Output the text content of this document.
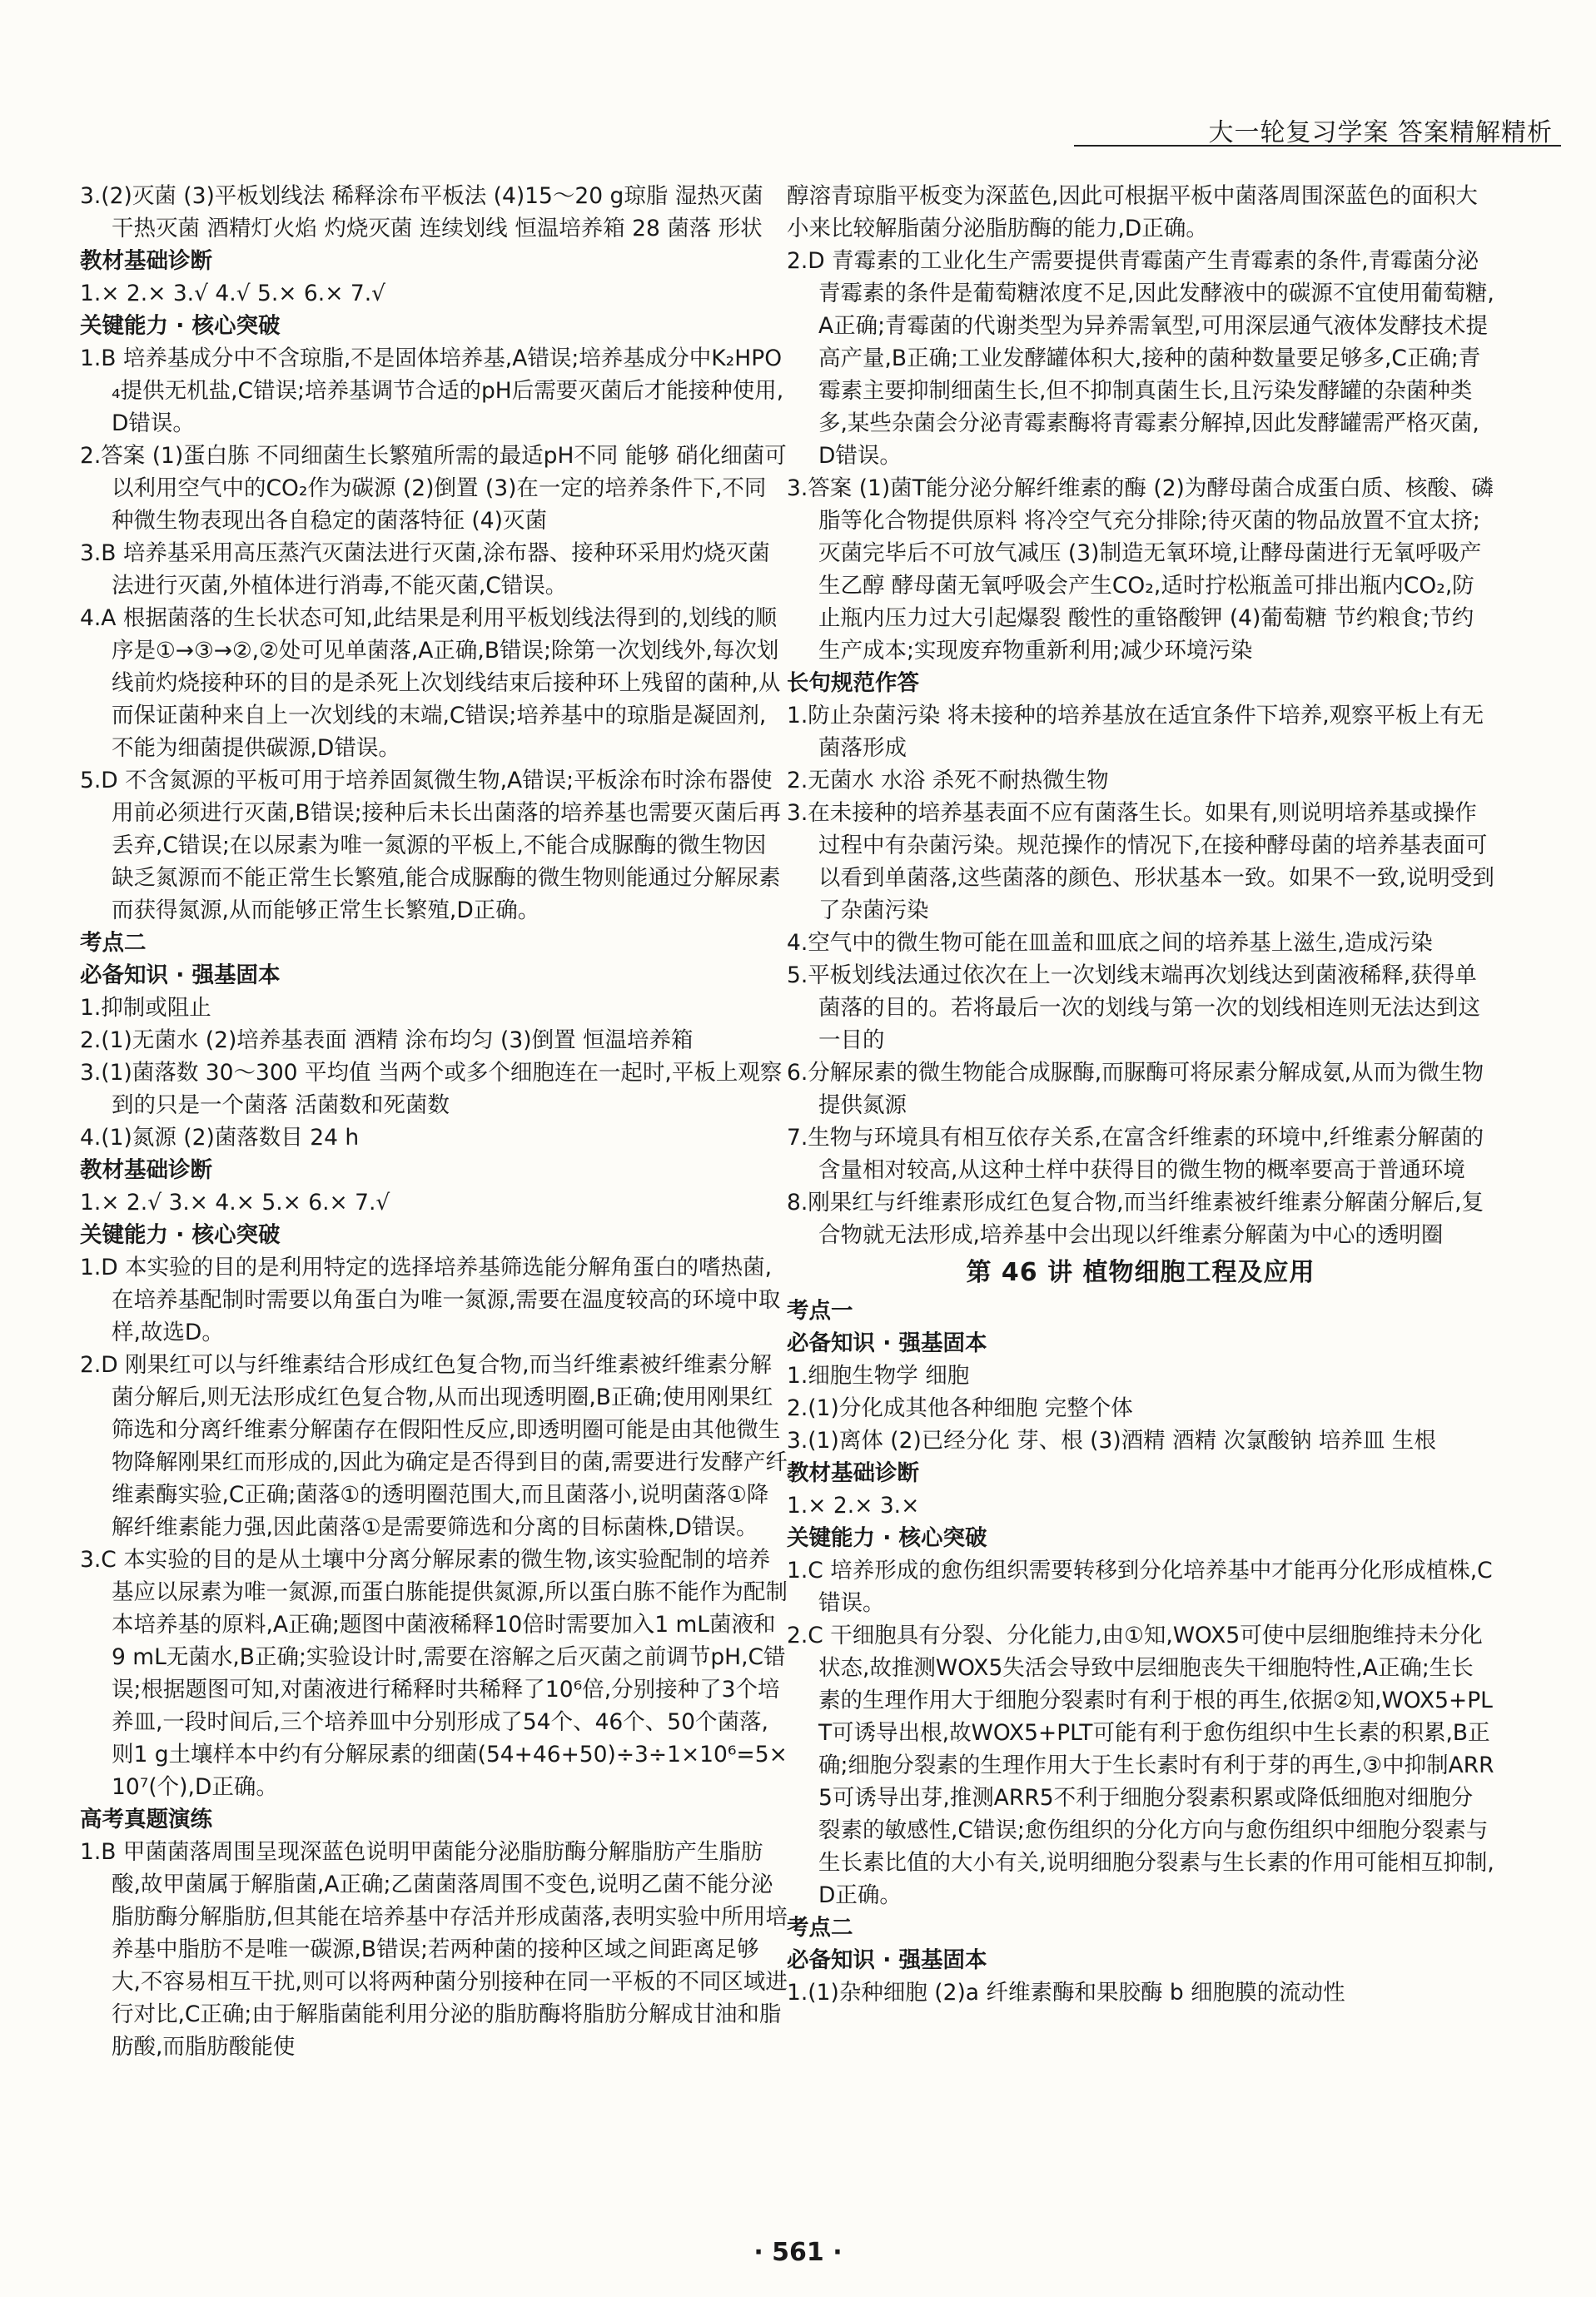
大一轮复习学案 答案精解精析

3.(2)灭菌 (3)平板划线法 稀释涂布平板法 (4)15～20 g琼脂 湿热灭菌 干热灭菌 酒精灯火焰 灼烧灭菌 连续划线 恒温培养箱 28 菌落 形状

教材基础诊断

1.× 2.× 3.√ 4.√ 5.× 6.× 7.√

关键能力 · 核心突破

1.B 培养基成分中不含琼脂,不是固体培养基,A错误;培养基成分中K₂HPO₄提供无机盐,C错误;培养基调节合适的pH后需要灭菌后才能接种使用,D错误。

2.答案 (1)蛋白胨 不同细菌生长繁殖所需的最适pH不同 能够 硝化细菌可以利用空气中的CO₂作为碳源 (2)倒置 (3)在一定的培养条件下,不同种微生物表现出各自稳定的菌落特征 (4)灭菌

3.B 培养基采用高压蒸汽灭菌法进行灭菌,涂布器、接种环采用灼烧灭菌法进行灭菌,外植体进行消毒,不能灭菌,C错误。

4.A 根据菌落的生长状态可知,此结果是利用平板划线法得到的,划线的顺序是①→③→②,②处可见单菌落,A正确,B错误;除第一次划线外,每次划线前灼烧接种环的目的是杀死上次划线结束后接种环上残留的菌种,从而保证菌种来自上一次划线的末端,C错误;培养基中的琼脂是凝固剂,不能为细菌提供碳源,D错误。

5.D 不含氮源的平板可用于培养固氮微生物,A错误;平板涂布时涂布器使用前必须进行灭菌,B错误;接种后未长出菌落的培养基也需要灭菌后再丢弃,C错误;在以尿素为唯一氮源的平板上,不能合成脲酶的微生物因缺乏氮源而不能正常生长繁殖,能合成脲酶的微生物则能通过分解尿素而获得氮源,从而能够正常生长繁殖,D正确。

考点二

必备知识 · 强基固本

1.抑制或阻止

2.(1)无菌水 (2)培养基表面 酒精 涂布均匀 (3)倒置 恒温培养箱

3.(1)菌落数 30～300 平均值 当两个或多个细胞连在一起时,平板上观察到的只是一个菌落 活菌数和死菌数

4.(1)氮源 (2)菌落数目 24 h

教材基础诊断

1.× 2.√ 3.× 4.× 5.× 6.× 7.√

关键能力 · 核心突破

1.D 本实验的目的是利用特定的选择培养基筛选能分解角蛋白的嗜热菌,在培养基配制时需要以角蛋白为唯一氮源,需要在温度较高的环境中取样,故选D。

2.D 刚果红可以与纤维素结合形成红色复合物,而当纤维素被纤维素分解菌分解后,则无法形成红色复合物,从而出现透明圈,B正确;使用刚果红筛选和分离纤维素分解菌存在假阳性反应,即透明圈可能是由其他微生物降解刚果红而形成的,因此为确定是否得到目的菌,需要进行发酵产纤维素酶实验,C正确;菌落①的透明圈范围大,而且菌落小,说明菌落①降解纤维素能力强,因此菌落①是需要筛选和分离的目标菌株,D错误。

3.C 本实验的目的是从土壤中分离分解尿素的微生物,该实验配制的培养基应以尿素为唯一氮源,而蛋白胨能提供氮源,所以蛋白胨不能作为配制本培养基的原料,A正确;题图中菌液稀释10倍时需要加入1 mL菌液和9 mL无菌水,B正确;实验设计时,需要在溶解之后灭菌之前调节pH,C错误;根据题图可知,对菌液进行稀释时共稀释了10⁶倍,分别接种了3个培养皿,一段时间后,三个培养皿中分别形成了54个、46个、50个菌落,则1 g土壤样本中约有分解尿素的细菌(54+46+50)÷3÷1×10⁶=5×10⁷(个),D正确。

高考真题演练

1.B 甲菌菌落周围呈现深蓝色说明甲菌能分泌脂肪酶分解脂肪产生脂肪酸,故甲菌属于解脂菌,A正确;乙菌菌落周围不变色,说明乙菌不能分泌脂肪酶分解脂肪,但其能在培养基中存活并形成菌落,表明实验中所用培养基中脂肪不是唯一碳源,B错误;若两种菌的接种区域之间距离足够大,不容易相互干扰,则可以将两种菌分别接种在同一平板的不同区域进行对比,C正确;由于解脂菌能利用分泌的脂肪酶将脂肪分解成甘油和脂肪酸,而脂肪酸能使

醇溶青琼脂平板变为深蓝色,因此可根据平板中菌落周围深蓝色的面积大小来比较解脂菌分泌脂肪酶的能力,D正确。

2.D 青霉素的工业化生产需要提供青霉菌产生青霉素的条件,青霉菌分泌青霉素的条件是葡萄糖浓度不足,因此发酵液中的碳源不宜使用葡萄糖,A正确;青霉菌的代谢类型为异养需氧型,可用深层通气液体发酵技术提高产量,B正确;工业发酵罐体积大,接种的菌种数量要足够多,C正确;青霉素主要抑制细菌生长,但不抑制真菌生长,且污染发酵罐的杂菌种类多,某些杂菌会分泌青霉素酶将青霉素分解掉,因此发酵罐需严格灭菌,D错误。

3.答案 (1)菌T能分泌分解纤维素的酶 (2)为酵母菌合成蛋白质、核酸、磷脂等化合物提供原料 将冷空气充分排除;待灭菌的物品放置不宜太挤;灭菌完毕后不可放气减压 (3)制造无氧环境,让酵母菌进行无氧呼吸产生乙醇 酵母菌无氧呼吸会产生CO₂,适时拧松瓶盖可排出瓶内CO₂,防止瓶内压力过大引起爆裂 酸性的重铬酸钾 (4)葡萄糖 节约粮食;节约生产成本;实现废弃物重新利用;减少环境污染

长句规范作答

1.防止杂菌污染 将未接种的培养基放在适宜条件下培养,观察平板上有无菌落形成

2.无菌水 水浴 杀死不耐热微生物

3.在未接种的培养基表面不应有菌落生长。如果有,则说明培养基或操作过程中有杂菌污染。规范操作的情况下,在接种酵母菌的培养基表面可以看到单菌落,这些菌落的颜色、形状基本一致。如果不一致,说明受到了杂菌污染

4.空气中的微生物可能在皿盖和皿底之间的培养基上滋生,造成污染

5.平板划线法通过依次在上一次划线末端再次划线达到菌液稀释,获得单菌落的目的。若将最后一次的划线与第一次的划线相连则无法达到这一目的

6.分解尿素的微生物能合成脲酶,而脲酶可将尿素分解成氨,从而为微生物提供氮源

7.生物与环境具有相互依存关系,在富含纤维素的环境中,纤维素分解菌的含量相对较高,从这种土样中获得目的微生物的概率要高于普通环境

8.刚果红与纤维素形成红色复合物,而当纤维素被纤维素分解菌分解后,复合物就无法形成,培养基中会出现以纤维素分解菌为中心的透明圈

第 46 讲 植物细胞工程及应用

考点一

必备知识 · 强基固本

1.细胞生物学 细胞

2.(1)分化成其他各种细胞 完整个体

3.(1)离体 (2)已经分化 芽、根 (3)酒精 酒精 次氯酸钠 培养皿 生根

教材基础诊断

1.× 2.× 3.×

关键能力 · 核心突破

1.C 培养形成的愈伤组织需要转移到分化培养基中才能再分化形成植株,C错误。

2.C 干细胞具有分裂、分化能力,由①知,WOX5可使中层细胞维持未分化状态,故推测WOX5失活会导致中层细胞丧失干细胞特性,A正确;生长素的生理作用大于细胞分裂素时有利于根的再生,依据②知,WOX5+PLT可诱导出根,故WOX5+PLT可能有利于愈伤组织中生长素的积累,B正确;细胞分裂素的生理作用大于生长素时有利于芽的再生,③中抑制ARR5可诱导出芽,推测ARR5不利于细胞分裂素积累或降低细胞对细胞分裂素的敏感性,C错误;愈伤组织的分化方向与愈伤组织中细胞分裂素与生长素比值的大小有关,说明细胞分裂素与生长素的作用可能相互抑制,D正确。

考点二

必备知识 · 强基固本

1.(1)杂种细胞 (2)a 纤维素酶和果胶酶 b 细胞膜的流动性

· 561 ·
